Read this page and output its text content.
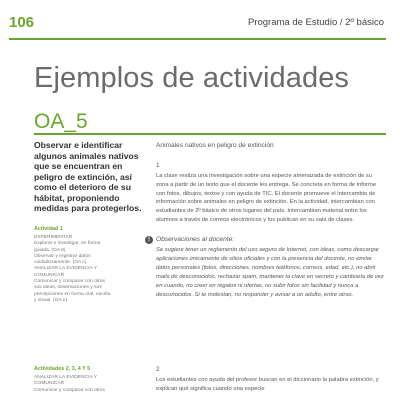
106	Programa de Estudio / 2º básico
Ejemplos de actividades
OA_5

Observar e identificar algunos animales nativos que se encuentran en peligro de extinción, así como el deterioro de su hábitat, proponiendo medidas para protegerlos.

Actividad 1

EXPERIMENTAR

Explorar e investigar, en forma

guiada. (OA 8)

Observar y registrar datos

cuidadosamente. (OA c)

ANALIZAR LA EVIDENCIA Y

COMUNICAR

Comunicar y comparar con otros

sus ideas, observaciones y sus

percepciones en forma oral, escrita

y visual. (OA e)

Actividades 2, 3, 4 Y 5

ANALIZAR LA EVIDENCIA Y

COMUNICAR

Comunicar y comparar con otros

Animales nativos en peligro de extinción

1

La clase realiza una investigación sobre una especie amenazada de extinción de su zona a partir de un texto que el docente les entrega. Se concreta en forma de informe con fotos, dibujos, textos y con ayuda de TIC. El docente promueve el intercambio de información sobre animales en peligro de extinción. En la actividad, intercambian con estudiantes de 2º básico de otros lugares del país. Intercambian material entre los alumnos a través de correos electrónicos y los publican en su sala de clases.

! Observaciones al docente:

Se sugiere tener un reglamento del uso seguro de Internet, con ideas, como descargar aplicaciones únicamente de sitios oficiales y con la presencia del docente, no enviar datos personales (fotos, direcciones, nombres teléfonos, correos, edad, etc.), no abrir mails de desconocidos, rechazar spam, mantener la clave en secreto y cambiarla de vez en cuando, no creer en regalos ni ofertas, no subir fotos sin facilidad y nunca a desconocidos. Si te molestan, no responder y avisar a un adulto, entre otras.

2

Los estudiantes con ayuda del profesor buscan en el diccionario la palabra extinción, y explican qué significa cuando una especie
